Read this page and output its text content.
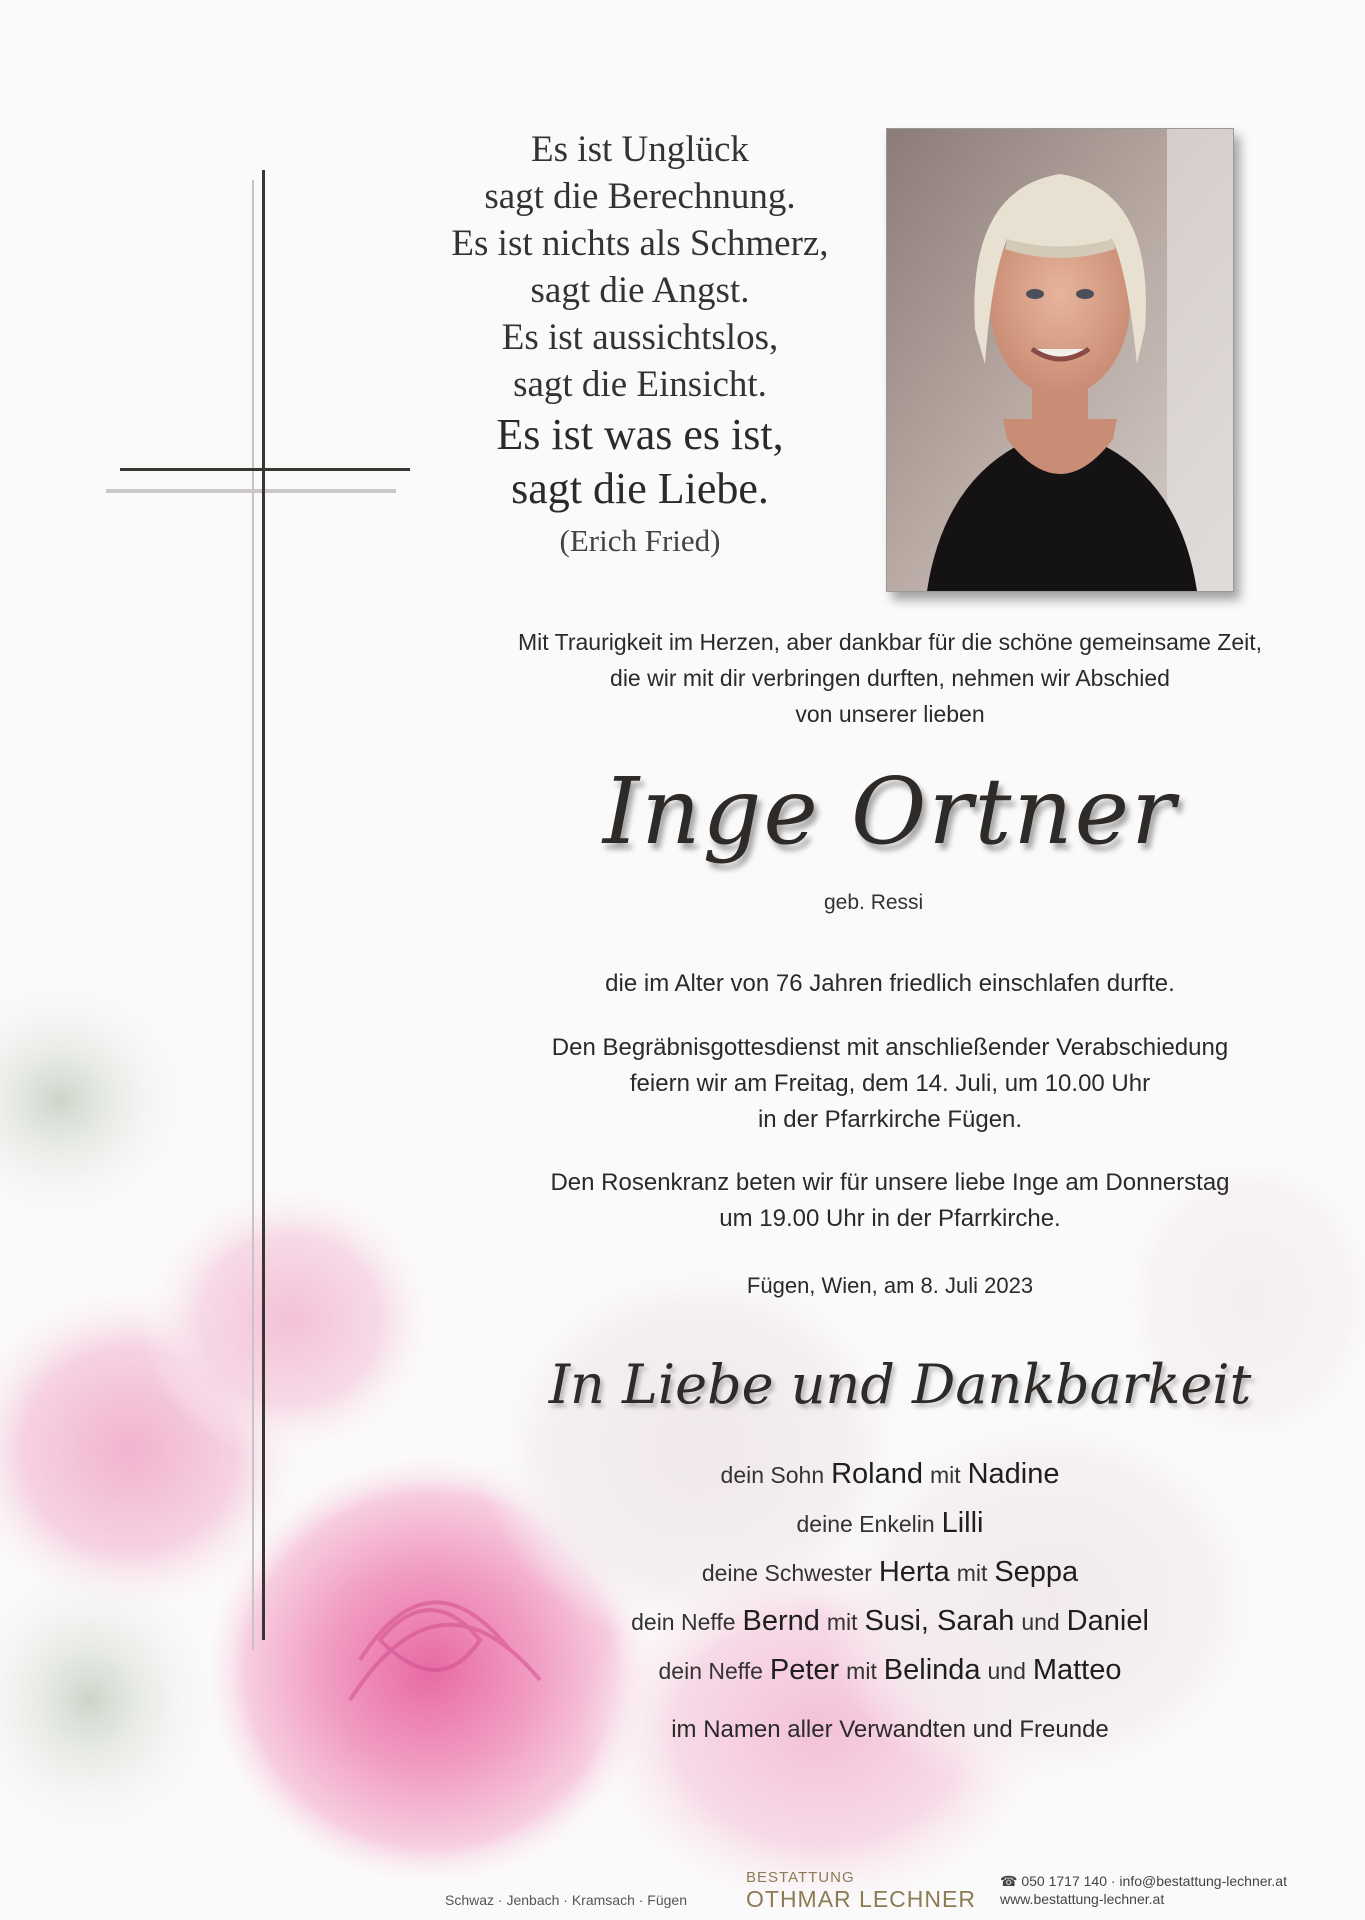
Es ist Unglück
sagt die Berechnung.
Es ist nichts als Schmerz,
sagt die Angst.
Es ist aussichtslos,
sagt die Einsicht.
Es ist was es ist,
sagt die Liebe.
(Erich Fried)
Mit Traurigkeit im Herzen, aber dankbar für die schöne gemeinsame Zeit,
die wir mit dir verbringen durften, nehmen wir Abschied
von unserer lieben
Inge Ortner
geb. Ressi
die im Alter von 76 Jahren friedlich einschlafen durfte.
Den Begräbnisgottesdienst mit anschließender Verabschiedung
feiern wir am Freitag, dem 14. Juli, um 10.00 Uhr
in der Pfarrkirche Fügen.
Den Rosenkranz beten wir für unsere liebe Inge am Donnerstag
um 19.00 Uhr in der Pfarrkirche.
Fügen, Wien, am 8. Juli 2023
In Liebe und Dankbarkeit
dein Sohn Roland mit Nadine
deine Enkelin Lilli
deine Schwester Herta mit Seppa
dein Neffe Bernd mit Susi, Sarah und Daniel
dein Neffe Peter mit Belinda und Matteo
im Namen aller Verwandten und Freunde
Schwaz · Jenbach · Kramsach · Fügen
BESTATTUNG
OTHMAR LECHNER
☎ 050 1717 140 · info@bestattung-lechner.at
www.bestattung-lechner.at
